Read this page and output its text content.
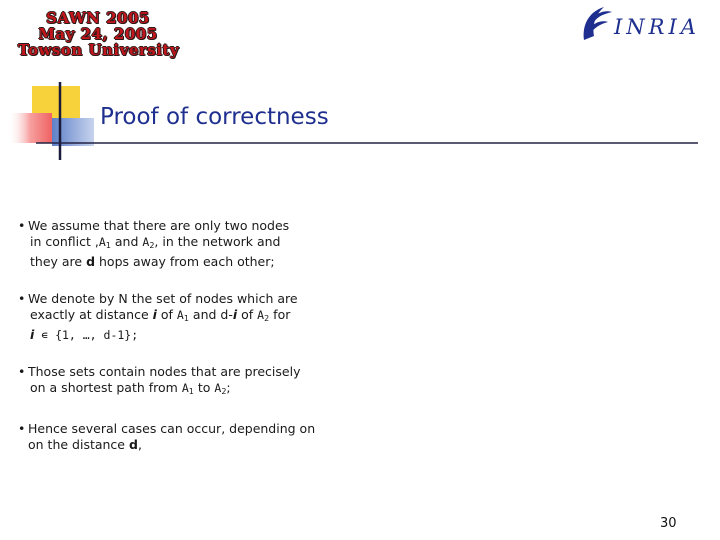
SAWN 2005
May 24, 2005
Towson University
INRIA
Proof of correctness
• We assume that there are only two nodes
in conflict $,A_1$ and $A_2$, in the network and
they are d hops away from each other;
• We denote by N the set of nodes which are
exactly at distance i of $A_1$ and d-i of $A_2$ for
i ∊ {1, …, d-1};
• Those sets contain nodes that are precisely
on a shortest path from $A_1$ to $A_2$;
• Hence several cases can occur, depending on
on the distance d,
30
